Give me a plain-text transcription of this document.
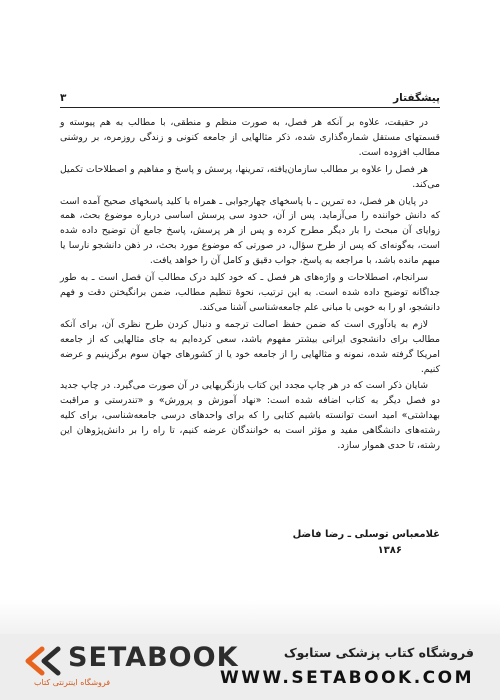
پیشگفتار
۳

در حقیقت، علاوه بر آنکه هر فصل، به صورت منظم و منطقی، با مطالب به هم پیوسته و قسمتهای مستقل شماره‌گذاری شده، ذکر مثالهایی از جامعه کنونی و زندگی روزمره، بر روشنی مطالب افزوده است.

هر فصل را علاوه بر مطالب سازمان‌یافته، تمرینها، پرسش و پاسخ و مفاهیم و اصطلاحات تکمیل می‌کند.

در پایان هر فصل، ده تمرین ـ با پاسخهای چهارجوابی ـ همراه با کلید پاسخهای صحیح آمده است که دانش خواننده را می‌آزماید. پس از آن، حدود سی پرسش اساسی درباره موضوع بحث، همه زوایای آن مبحث را بار دیگر مطرح کرده و پس از هر پرسش، پاسخ جامع آن توضیح داده شده است، به‌گونه‌ای که پس از طرح سؤال، در صورتی که موضوع مورد بحث، در ذهن دانشجو نارسا یا مبهم مانده باشد، با مراجعه به پاسخ، جواب دقیق و کامل آن را خواهد یافت.

سرانجام، اصطلاحات و واژه‌های هر فصل ـ که خود کلید درک مطالب آن فصل است ـ به طور جداگانه توضیح داده شده است. به این ترتیب، نحوهٔ تنظیم مطالب، ضمن برانگیختن دقت و فهم دانشجو، او را به خوبی با مبانی علم جامعه‌شناسی آشنا می‌کند.

لازم به یادآوری است که ضمن حفظ اصالت ترجمه و دنبال کردن طرح نظری آن، برای آنکه مطالب برای دانشجوی ایرانی بیشتر مفهوم باشد، سعی کرده‌ایم به جای مثالهایی که از جامعه امریکا گرفته شده، نمونه و مثالهایی را از جامعه خود یا از کشورهای جهان سوم برگزینیم و عرضه کنیم.

شایان ذکر است که در هر چاپ مجدد این کتاب بازنگریهایی در آن صورت می‌گیرد. در چاپ جدید دو فصل دیگر به کتاب اضافه شده است: «نهاد آموزش و پرورش» و «تندرستی و مراقبت بهداشتی» امید است توانسته باشیم کتابی را که برای واحدهای درسی جامعه‌شناسی، برای کلیه رشته‌های دانشگاهی مفید و مؤثر است به خوانندگان عرضه کنیم، تا راه را بر دانش‌پژوهان این رشته، تا حدی هموار سازد.

غلامعباس توسلی ـ رضا فاضل
۱۳۸۶
SETABOOK
فروشگاه اینترنتی کتاب
فروشگاه کتاب پزشکی ستابوک
WWW.SETABOOK.COM
